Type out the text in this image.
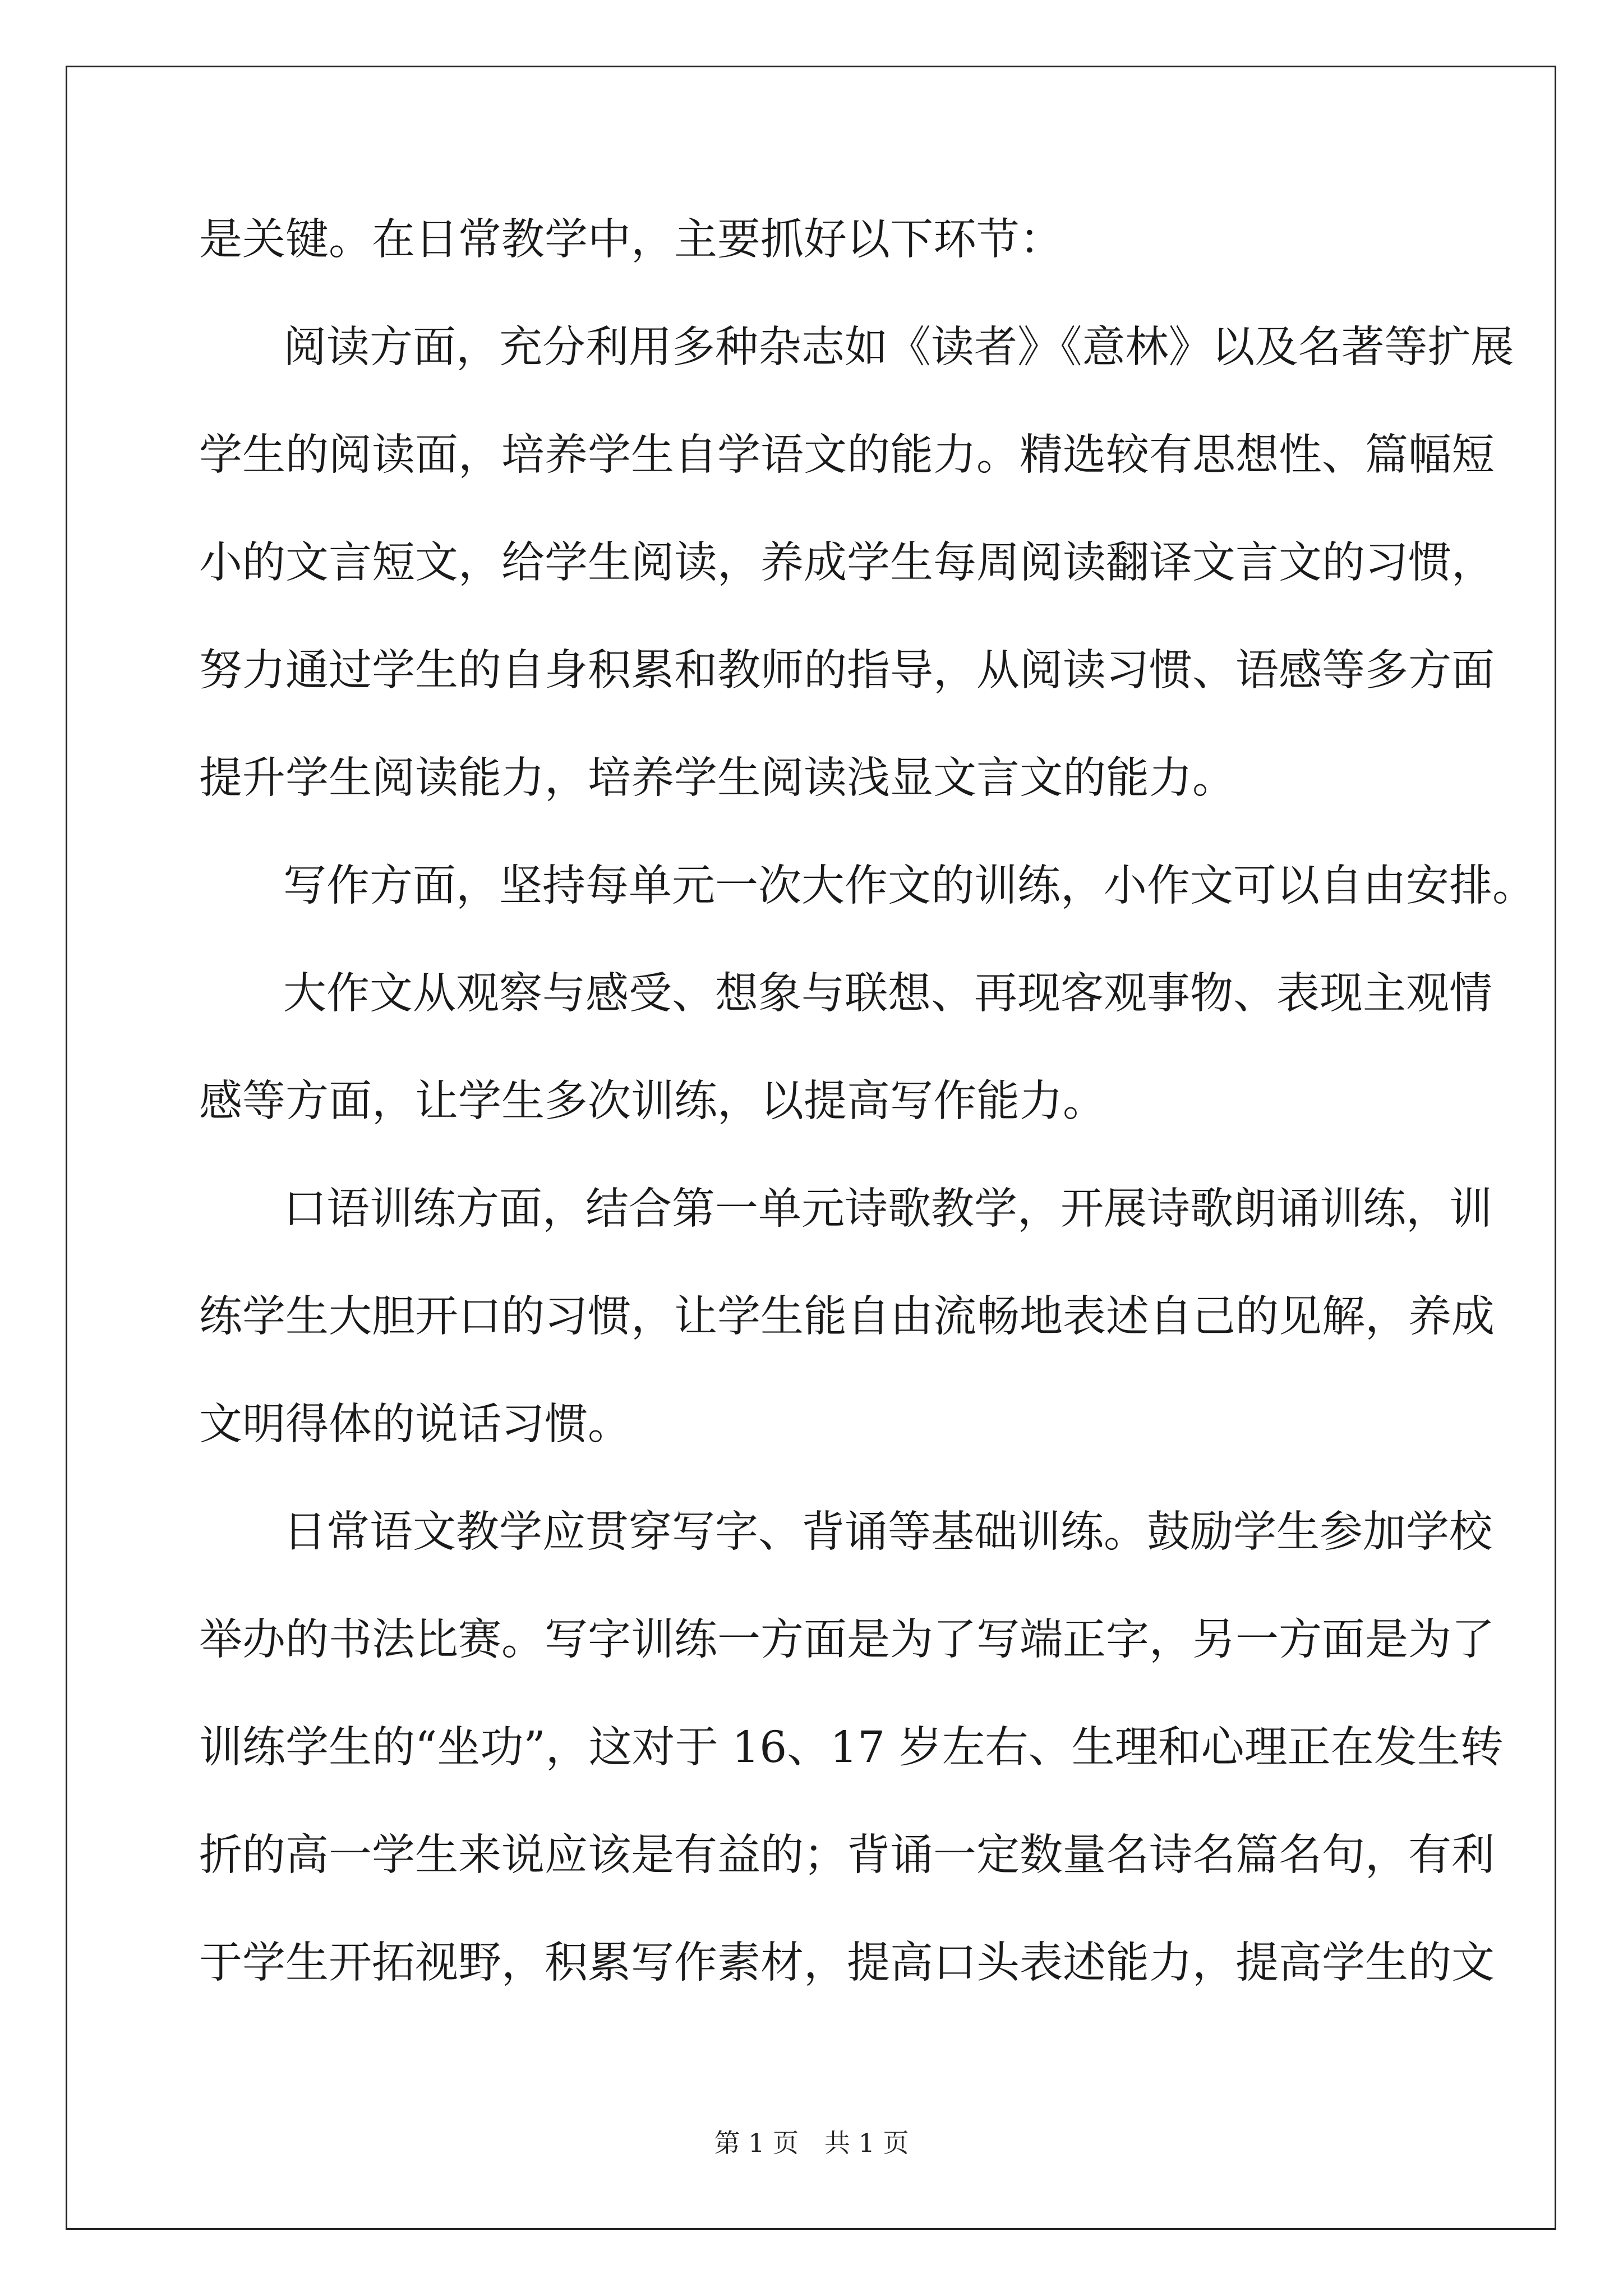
是关键。在日常教学中，主要抓好以下环节：
阅读方面，充分利用多种杂志如《读者》《意林》以及名著等扩展
学生的阅读面，培养学生自学语文的能力。精选较有思想性、篇幅短
小的文言短文，给学生阅读，养成学生每周阅读翻译文言文的习惯，
努力通过学生的自身积累和教师的指导，从阅读习惯、语感等多方面
提升学生阅读能力，培养学生阅读浅显文言文的能力。
写作方面，坚持每单元一次大作文的训练，小作文可以自由安排。
大作文从观察与感受、想象与联想、再现客观事物、表现主观情
感等方面，让学生多次训练，以提高写作能力。
口语训练方面，结合第一单元诗歌教学，开展诗歌朗诵训练，训
练学生大胆开口的习惯，让学生能自由流畅地表述自己的见解，养成
文明得体的说话习惯。
日常语文教学应贯穿写字、背诵等基础训练。鼓励学生参加学校
举办的书法比赛。写字训练一方面是为了写端正字，另一方面是为了
训练学生的“坐功”，这对于 16、17 岁左右、生理和心理正在发生转
折的高一学生来说应该是有益的；背诵一定数量名诗名篇名句，有利
于学生开拓视野，积累写作素材，提高口头表述能力，提高学生的文
第 1 页 共 1 页
